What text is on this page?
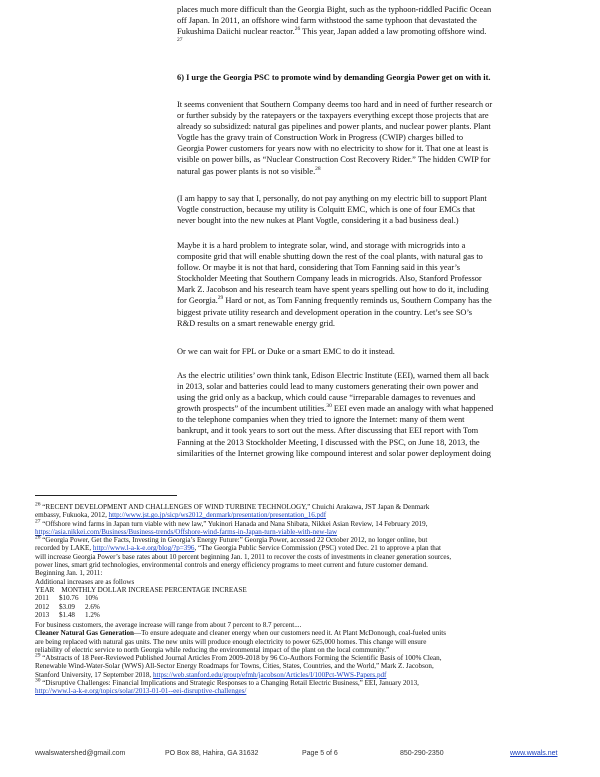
places much more difficult than the Georgia Bight, such as the typhoon-riddled Pacific Ocean

off Japan. In 2011, an offshore wind farm withstood the same typhoon that devastated the

Fukushima Daiichi nuclear reactor.$^{26}$ This year, Japan added a law promoting offshore wind.

$^{27}$

6) I urge the Georgia PSC to promote wind by demanding Georgia Power get on with it.

It seems convenient that Southern Company deems too hard and in need of further research or

or further subsidy by the ratepayers or the taxpayers everything except those projects that are

already so subsidized: natural gas pipelines and power plants, and nuclear power plants. Plant

Vogtle has the gravy train of Construction Work in Progress (CWIP) charges billed to

Georgia Power customers for years now with no electricity to show for it. That one at least is

visible on power bills, as “Nuclear Construction Cost Recovery Rider.” The hidden CWIP for

natural gas power plants is not so visible.$^{28}$

(I am happy to say that I, personally, do not pay anything on my electric bill to support Plant

Vogtle construction, because my utility is Colquitt EMC, which is one of four EMCs that

never bought into the new nukes at Plant Vogtle, considering it a bad business deal.)

Maybe it is a hard problem to integrate solar, wind, and storage with microgrids into a

composite grid that will enable shutting down the rest of the coal plants, with natural gas to

follow. Or maybe it is not that hard, considering that Tom Fanning said in this year’s

Stockholder Meeting that Southern Company leads in microgrids. Also, Stanford Professor

Mark Z. Jacobson and his research team have spent years spelling out how to do it, including

for Georgia.$^{29}$ Hard or not, as Tom Fanning frequently reminds us, Southern Company has the

biggest private utility research and development operation in the country. Let’s see SO’s

R&D results on a smart renewable energy grid.

Or we can wait for FPL or Duke or a smart EMC to do it instead.

As the electric utilities’ own think tank, Edison Electric Institute (EEI), warned them all back

in 2013, solar and batteries could lead to many customers generating their own power and

using the grid only as a backup, which could cause “irreparable damages to revenues and

growth prospects” of the incumbent utilities.$^{30}$ EEI even made an analogy with what happened

to the telephone companies when they tried to ignore the Internet: many of them went

bankrupt, and it took years to sort out the mess. After discussing that EEI report with Tom

Fanning at the 2013 Stockholder Meeting, I discussed with the PSC, on June 18, 2013, the

similarities of the Internet growing like compound interest and solar power deployment doing

$^{26}$ “RECENT DEVELOPMENT AND CHALLENGES OF WIND TURBINE TECHNOLOGY,” Chuichi Arakawa, JST Japan & Denmark

embassy, Fukuoka, 2012, http://www.jst.go.jp/sicp/ws2012_denmark/presentation/presentation_16.pdf

$^{27}$ “Offshore wind farms in Japan turn viable with new law,” Yukinori Hanada and Nana Shibata, Nikkei Asian Review, 14 February 2019,

https://asia.nikkei.com/Business/Business-trends/Offshore-wind-farms-in-Japan-turn-viable-with-new-law

$^{28}$ “Georgia Power, Get the Facts, Investing in Georgia’s Energy Future:” Georgia Power, accessed 22 October 2012, no longer online, but

recorded by LAKE, http://www.l-a-k-e.org/blog/?p=396, “The Georgia Public Service Commission (PSC) voted Dec. 21 to approve a plan that

will increase Georgia Power’s base rates about 10 percent beginning Jan. 1, 2011 to recover the costs of investments in cleaner generation sources,

power lines, smart grid technologies, environmental controls and energy efficiency programs to meet current and future customer demand.

Beginning Jan. 1, 2011:

Additional increases are as follows

YEAR    MONTHLY DOLLAR INCREASE PERCENTAGE INCREASE
2011 $10.76 10%
2012 $3.09 2.6%
2013 $1.48 1.2%

For business customers, the average increase will range from about 7 percent to 8.7 percent....

Cleaner Natural Gas Generation—To ensure adequate and cleaner energy when our customers need it. At Plant McDonough, coal-fueled units

are being replaced with natural gas units. The new units will produce enough electricity to power 625,000 homes. This change will ensure

reliability of electric service to north Georgia while reducing the environmental impact of the plant on the local community.”

$^{29}$ “Abstracts of 18 Peer-Reviewed Published Journal Articles From 2009-2018 by 96 Co-Authors Forming the Scientific Basis of 100% Clean,

Renewable Wind-Water-Solar (WWS) All-Sector Energy Roadmaps for Towns, Cities, States, Countries, and the World,” Mark Z. Jacobson,

Stanford University, 17 September 2018, https://web.stanford.edu/group/efmh/jacobson/Articles/I/100Pct-WWS-Papers.pdf

$^{30}$ “Disruptive Challenges: Financial Implications and Strategic Responses to a Changing Retail Electric Business,” EEI, January 2013,

http://www.l-a-k-e.org/topics/solar/2013-01-01--eei-disruptive-challenges/

wwalswatershed@gmail.com	PO Box 88, Hahira, GA 31632	Page 5 of 6	850-290-2350	www.wwals.net
